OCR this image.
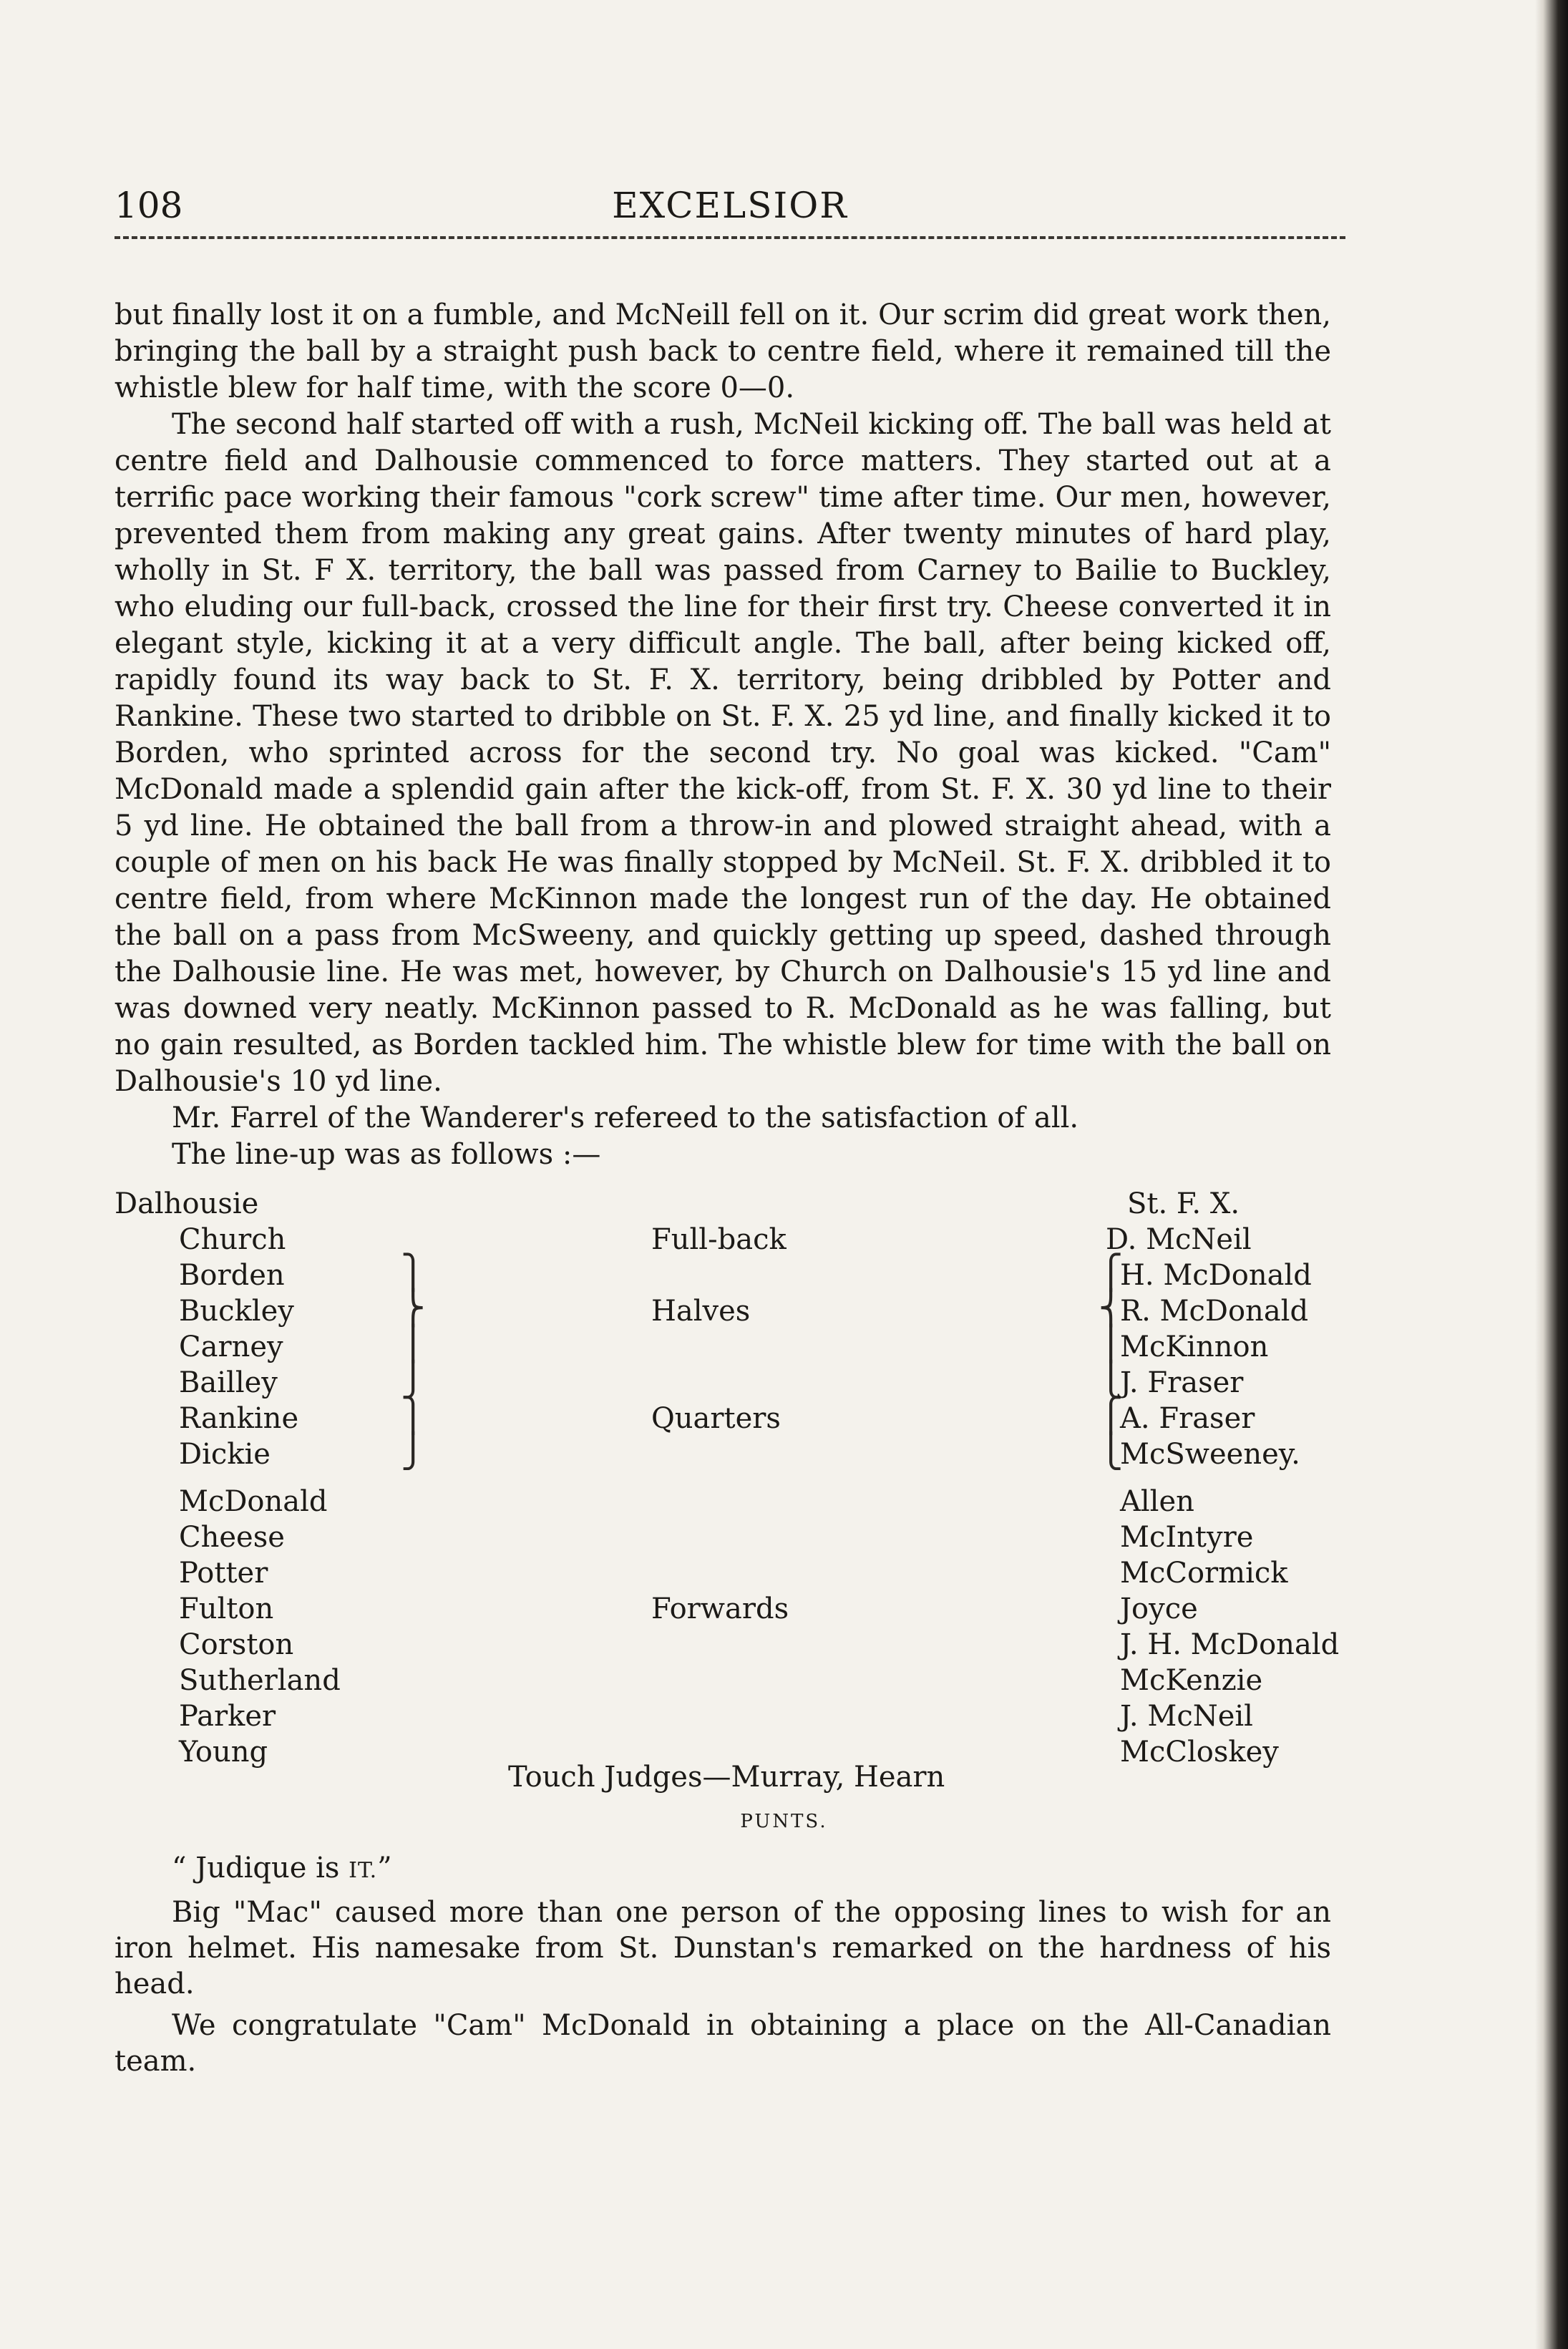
108	EXCELSIOR

but finally lost it on a fumble, and McNeill fell on it. Our scrim did great work then, bringing the ball by a straight push back to centre field, where it remained till the whistle blew for half time, with the score 0—0.

The second half started off with a rush, McNeil kicking off. The ball was held at centre field and Dalhousie commenced to force matters. They started out at a terrific pace working their famous "cork screw" time after time. Our men, however, prevented them from making any great gains. After twenty minutes of hard play, wholly in St. F X. territory, the ball was passed from Carney to Bailie to Buckley, who eluding our full-back, crossed the line for their first try. Cheese converted it in elegant style, kicking it at a very difficult angle. The ball, after being kicked off, rapidly found its way back to St. F. X. territory, being dribbled by Potter and Rankine. These two started to dribble on St. F. X. 25 yd line, and finally kicked it to Borden, who sprinted across for the second try. No goal was kicked. "Cam" McDonald made a splendid gain after the kick-off, from St. F. X. 30 yd line to their 5 yd line. He obtained the ball from a throw-in and plowed straight ahead, with a couple of men on his back He was finally stopped by McNeil. St. F. X. dribbled it to centre field, from where McKinnon made the longest run of the day. He obtained the ball on a pass from McSweeny, and quickly getting up speed, dashed through the Dalhousie line. He was met, however, by Church on Dalhousie's 15 yd line and was downed very neatly. McKinnon passed to R. McDonald as he was falling, but no gain resulted, as Borden tackled him. The whistle blew for time with the ball on Dalhousie's 10 yd line.

Mr. Farrel of the Wanderer's refereed to the satisfaction of all.

The line-up was as follows :—

Dalhousie
Church
Borden
Buckley
Carney
Bailley
Rankine
Dickie
McDonald
Cheese
Potter
Fulton
Corston
Sutherland
Parker
Young
⎫
⎬
⎪
⎭
⎫
⎭
Full-back
Halves
Quarters
Forwards
⎧
⎨
⎪
⎩
⎧
⎩
St. F. X.
D. McNeil
H. McDonald
R. McDonald
McKinnon
J. Fraser
A. Fraser
McSweeney.
Allen
McIntyre
McCormick
Joyce
J. H. McDonald
McKenzie
J. McNeil
McCloskey
Touch Judges—Murray, Hearn
PUNTS.

“ Judique is IT.”

Big "Mac" caused more than one person of the opposing lines to wish for an iron helmet. His namesake from St. Dunstan's remarked on the hardness of his head.

We congratulate "Cam" McDonald in obtaining a place on the All-Canadian team.
